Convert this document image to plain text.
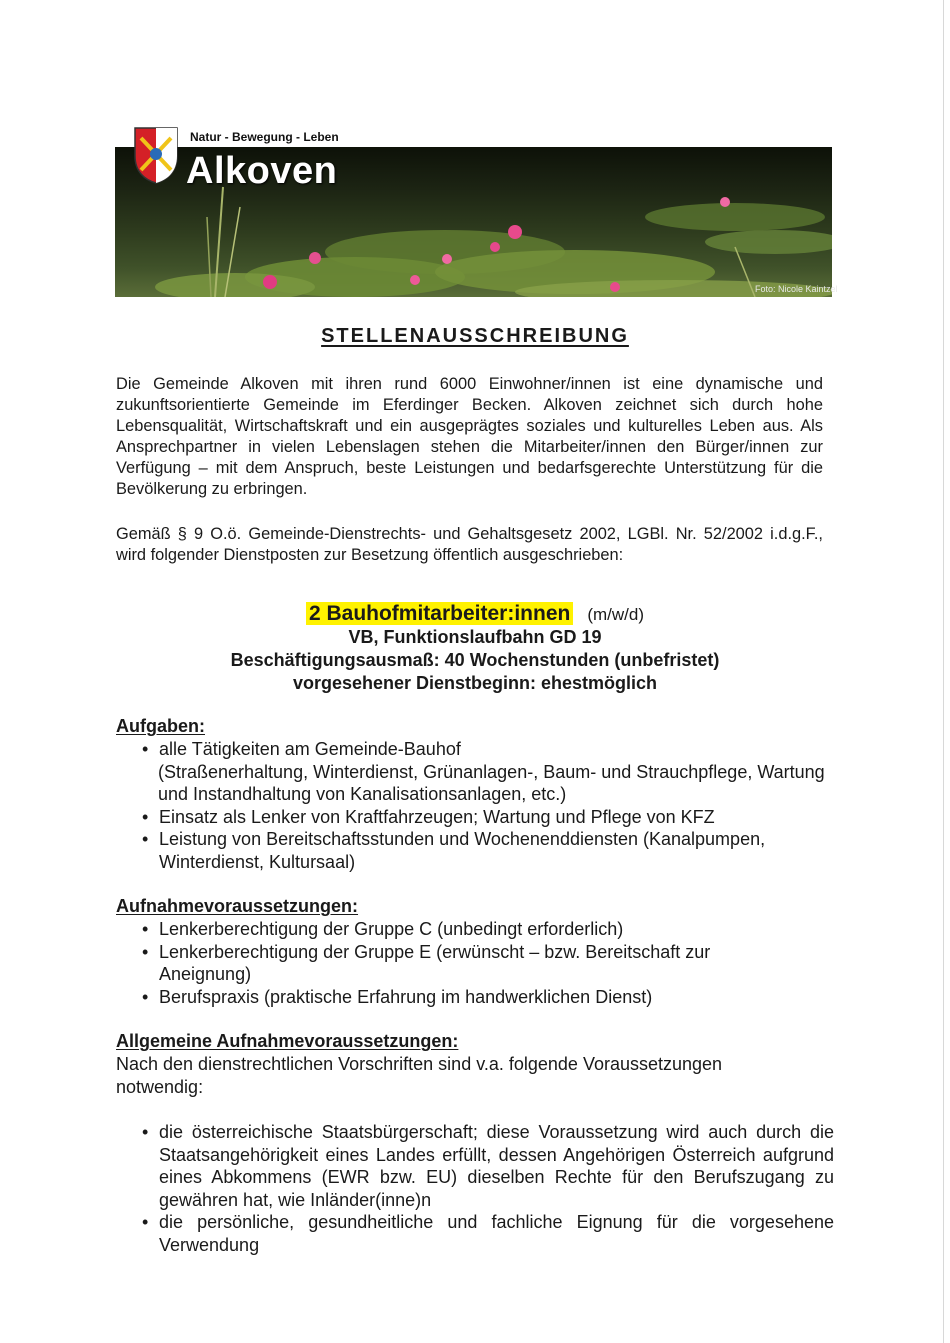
Natur - Bewegung - Leben
Alkoven
Foto: Nicole Kaintzel
STELLENAUSSCHREIBUNG

Die Gemeinde Alkoven mit ihren rund 6000 Einwohner/innen ist eine dynamische und zukunftsorientierte Gemeinde im Eferdinger Becken. Alkoven zeichnet sich durch hohe Lebensqualität, Wirtschaftskraft und ein ausgeprägtes soziales und kulturelles Leben aus. Als Ansprechpartner in vielen Lebenslagen stehen die Mitarbeiter/innen den Bürger/innen zur Verfügung – mit dem Anspruch, beste Leistungen und bedarfsgerechte Unterstützung für die Bevölkerung zu erbringen.

Gemäß § 9 O.ö. Gemeinde-Dienstrechts- und Gehaltsgesetz 2002, LGBl. Nr. 52/2002 i.d.g.F., wird folgender Dienstposten zur Besetzung öffentlich ausgeschrieben:

2 Bauhofmitarbeiter:innen (m/w/d)
VB, Funktionslaufbahn GD 19
Beschäftigungsausmaß: 40 Wochenstunden (unbefristet)
vorgesehener Dienstbeginn: ehestmöglich
Aufgaben:
• alle Tätigkeiten am Gemeinde-Bauhof
(Straßenerhaltung, Winterdienst, Grünanlagen-, Baum- und Strauchpflege, Wartung und Instandhaltung von Kanalisationsanlagen, etc.)
• Einsatz als Lenker von Kraftfahrzeugen; Wartung und Pflege von KFZ
• Leistung von Bereitschaftsstunden und Wochenenddiensten (Kanalpumpen, Winterdienst, Kultursaal)
Aufnahmevoraussetzungen:
• Lenkerberechtigung der Gruppe C (unbedingt erforderlich)
• Lenkerberechtigung der Gruppe E (erwünscht – bzw. Bereitschaft zur Aneignung)
• Berufspraxis (praktische Erfahrung im handwerklichen Dienst)
Allgemeine Aufnahmevoraussetzungen:
Nach den dienstrechtlichen Vorschriften sind v.a. folgende Voraussetzungen notwendig:
• die österreichische Staatsbürgerschaft; diese Voraussetzung wird auch durch die Staatsangehörigkeit eines Landes erfüllt, dessen Angehörigen Österreich aufgrund eines Abkommens (EWR bzw. EU) dieselben Rechte für den Berufszugang zu gewähren hat, wie Inländer(inne)n
• die persönliche, gesundheitliche und fachliche Eignung für die vorgesehene Verwendung
